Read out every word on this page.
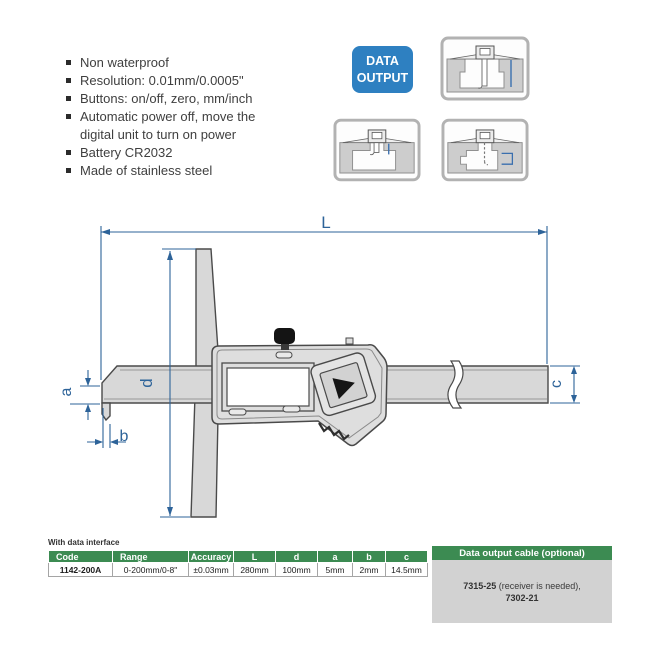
Non waterproof
Resolution: 0.01mm/0.0005"
Buttons: on/off, zero, mm/inch
Automatic power off, move the digital unit to turn on power
Battery CR2032
Made of stainless steel
DATA OUTPUT
L
d
a
b
c
With data interface
Code	Range	Accuracy	L	d	a	b	c
1142-200A	0-200mm/0-8"	±0.03mm	280mm	100mm	5mm	2mm	14.5mm
Data output cable (optional)
7315-25 (receiver is needed),
7302-21
